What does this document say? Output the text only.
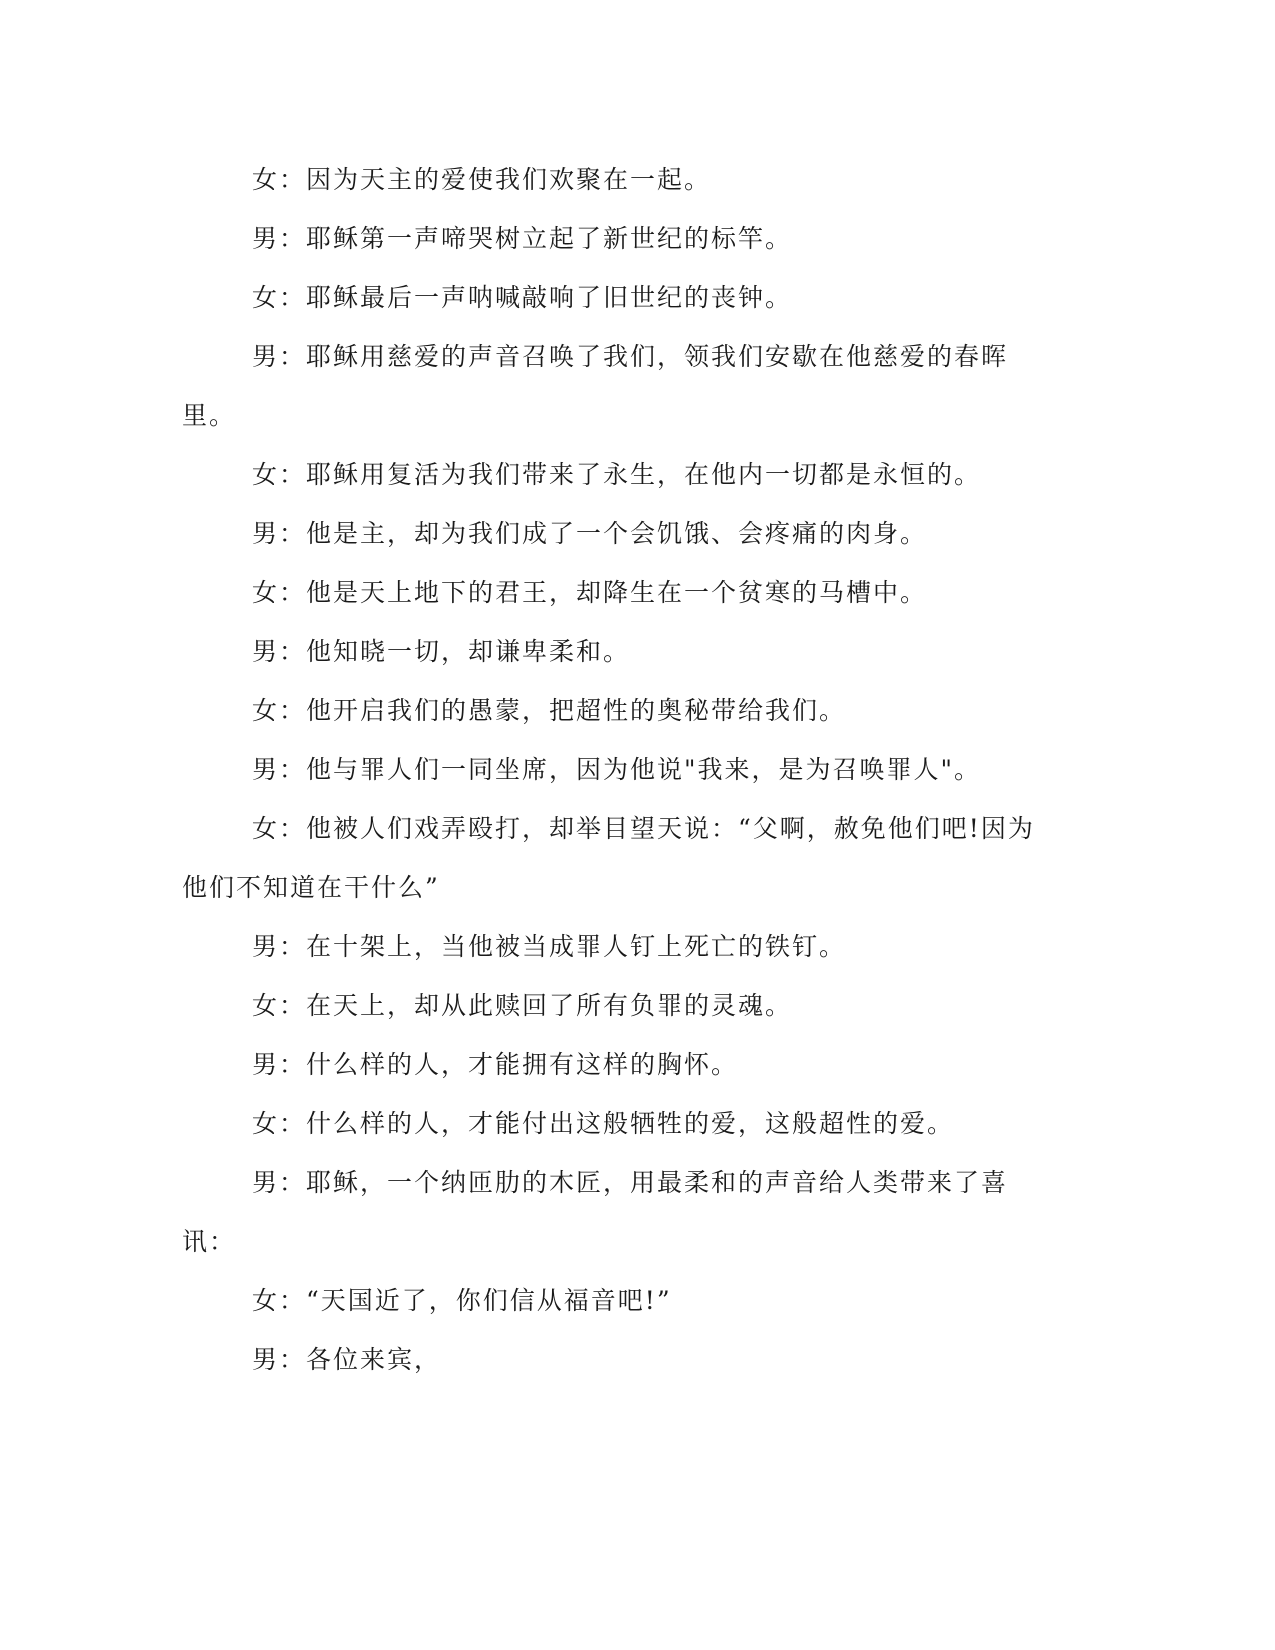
女：因为天主的爱使我们欢聚在一起。

男：耶稣第一声啼哭树立起了新世纪的标竿。

女：耶稣最后一声呐喊敲响了旧世纪的丧钟。

男：耶稣用慈爱的声音召唤了我们，领我们安歇在他慈爱的春晖里。

女：耶稣用复活为我们带来了永生，在他内一切都是永恒的。

男：他是主，却为我们成了一个会饥饿、会疼痛的肉身。

女：他是天上地下的君王，却降生在一个贫寒的马槽中。

男：他知晓一切，却谦卑柔和。

女：他开启我们的愚蒙，把超性的奥秘带给我们。

男：他与罪人们一同坐席，因为他说"我来，是为召唤罪人"。

女：他被人们戏弄殴打，却举目望天说：“父啊，赦免他们吧!因为他们不知道在干什么”

男：在十架上，当他被当成罪人钉上死亡的铁钉。

女：在天上，却从此赎回了所有负罪的灵魂。

男：什么样的人，才能拥有这样的胸怀。

女：什么样的人，才能付出这般牺牲的爱，这般超性的爱。

男：耶稣，一个纳匝肋的木匠，用最柔和的声音给人类带来了喜讯：

女：“天国近了，你们信从福音吧!”

男：各位来宾，
